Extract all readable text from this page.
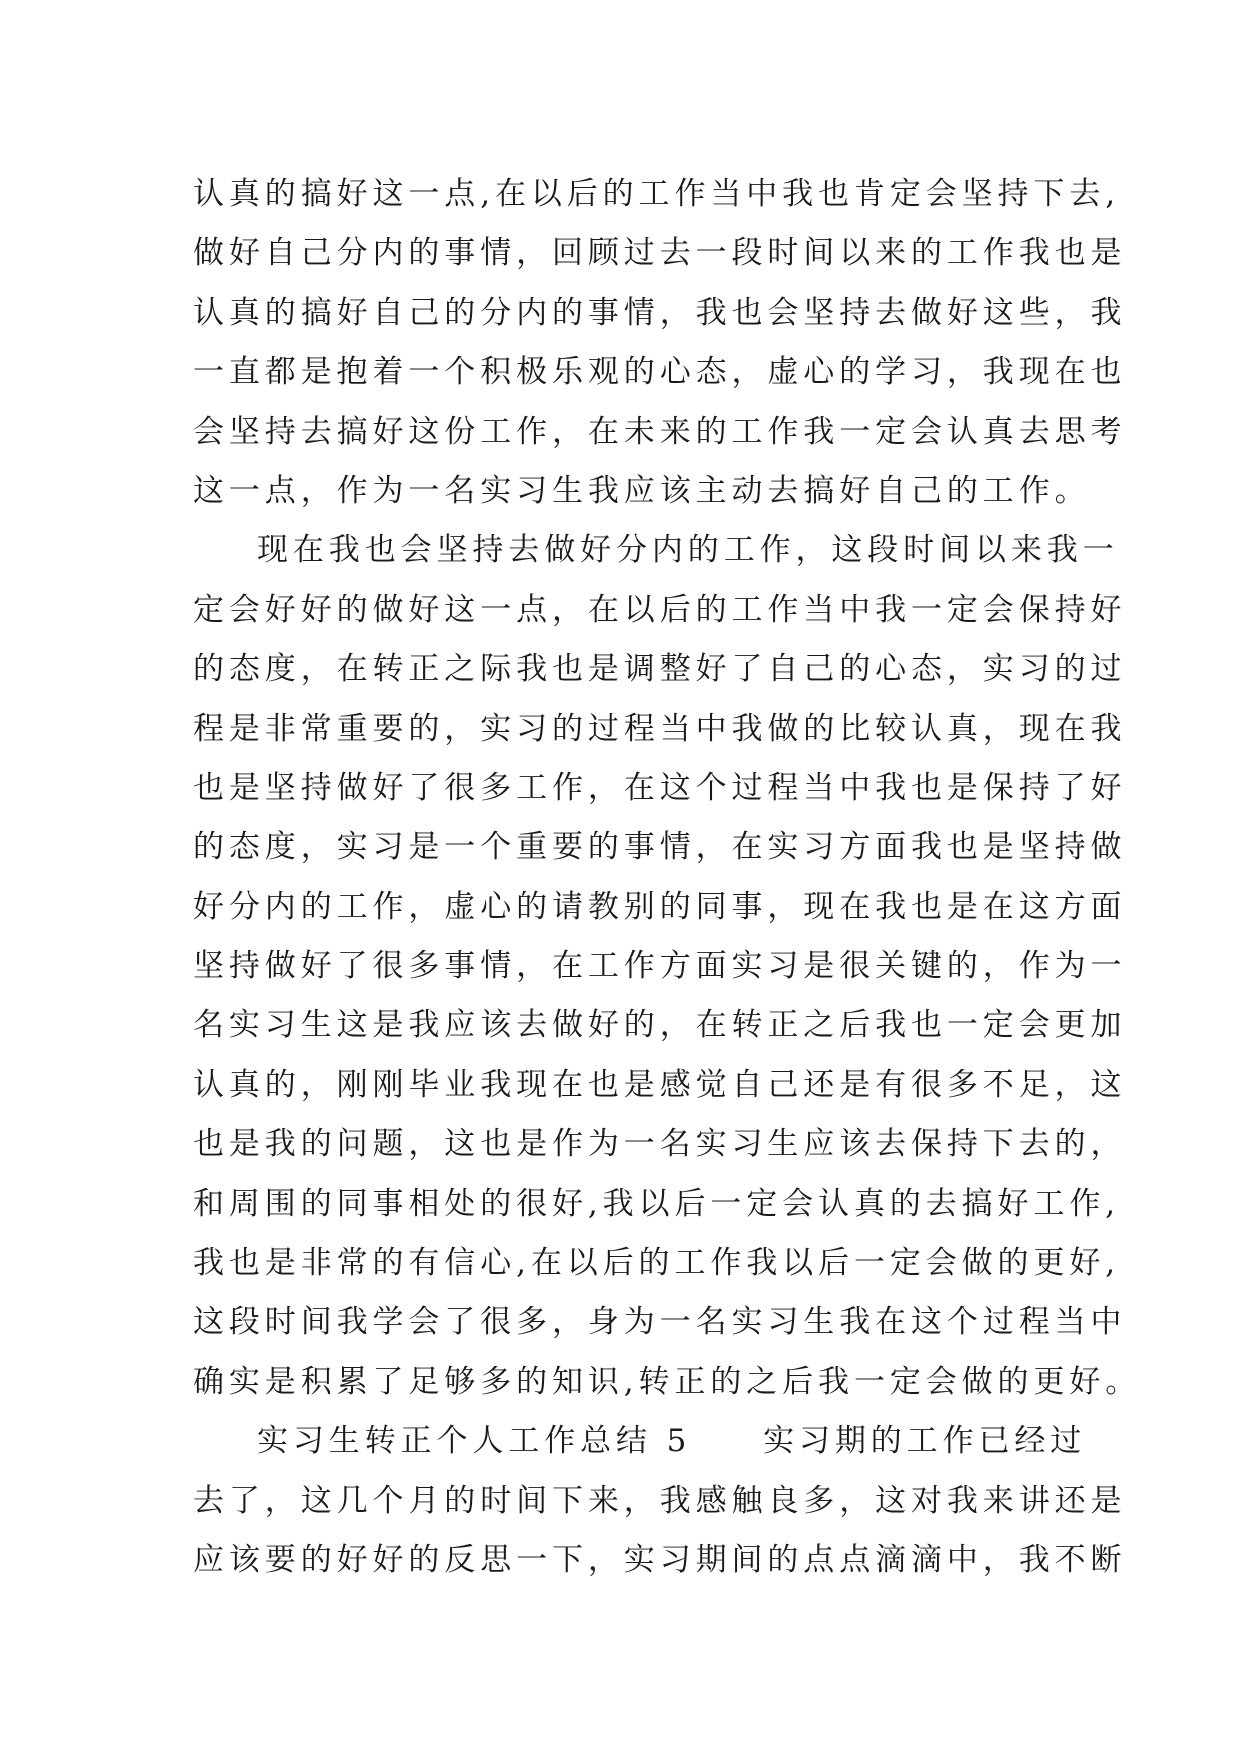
认真的搞好这一点,在以后的工作当中我也肯定会坚持下去,
做好自己分内的事情，回顾过去一段时间以来的工作我也是
认真的搞好自己的分内的事情，我也会坚持去做好这些，我
一直都是抱着一个积极乐观的心态，虚心的学习，我现在也
会坚持去搞好这份工作，在未来的工作我一定会认真去思考
这一点，作为一名实习生我应该主动去搞好自己的工作。
现在我也会坚持去做好分内的工作，这段时间以来我一
定会好好的做好这一点，在以后的工作当中我一定会保持好
的态度，在转正之际我也是调整好了自己的心态，实习的过
程是非常重要的，实习的过程当中我做的比较认真，现在我
也是坚持做好了很多工作，在这个过程当中我也是保持了好
的态度，实习是一个重要的事情，在实习方面我也是坚持做
好分内的工作，虚心的请教别的同事，现在我也是在这方面
坚持做好了很多事情，在工作方面实习是很关键的，作为一
名实习生这是我应该去做好的，在转正之后我也一定会更加
认真的，刚刚毕业我现在也是感觉自己还是有很多不足，这
也是我的问题，这也是作为一名实习生应该去保持下去的，
和周围的同事相处的很好,我以后一定会认真的去搞好工作,
我也是非常的有信心,在以后的工作我以后一定会做的更好,
这段时间我学会了很多，身为一名实习生我在这个过程当中
确实是积累了足够多的知识,转正的之后我一定会做的更好。
实习生转正个人工作总结 5　　实习期的工作已经过
去了，这几个月的时间下来，我感触良多，这对我来讲还是
应该要的好好的反思一下，实习期间的点点滴滴中，我不断
